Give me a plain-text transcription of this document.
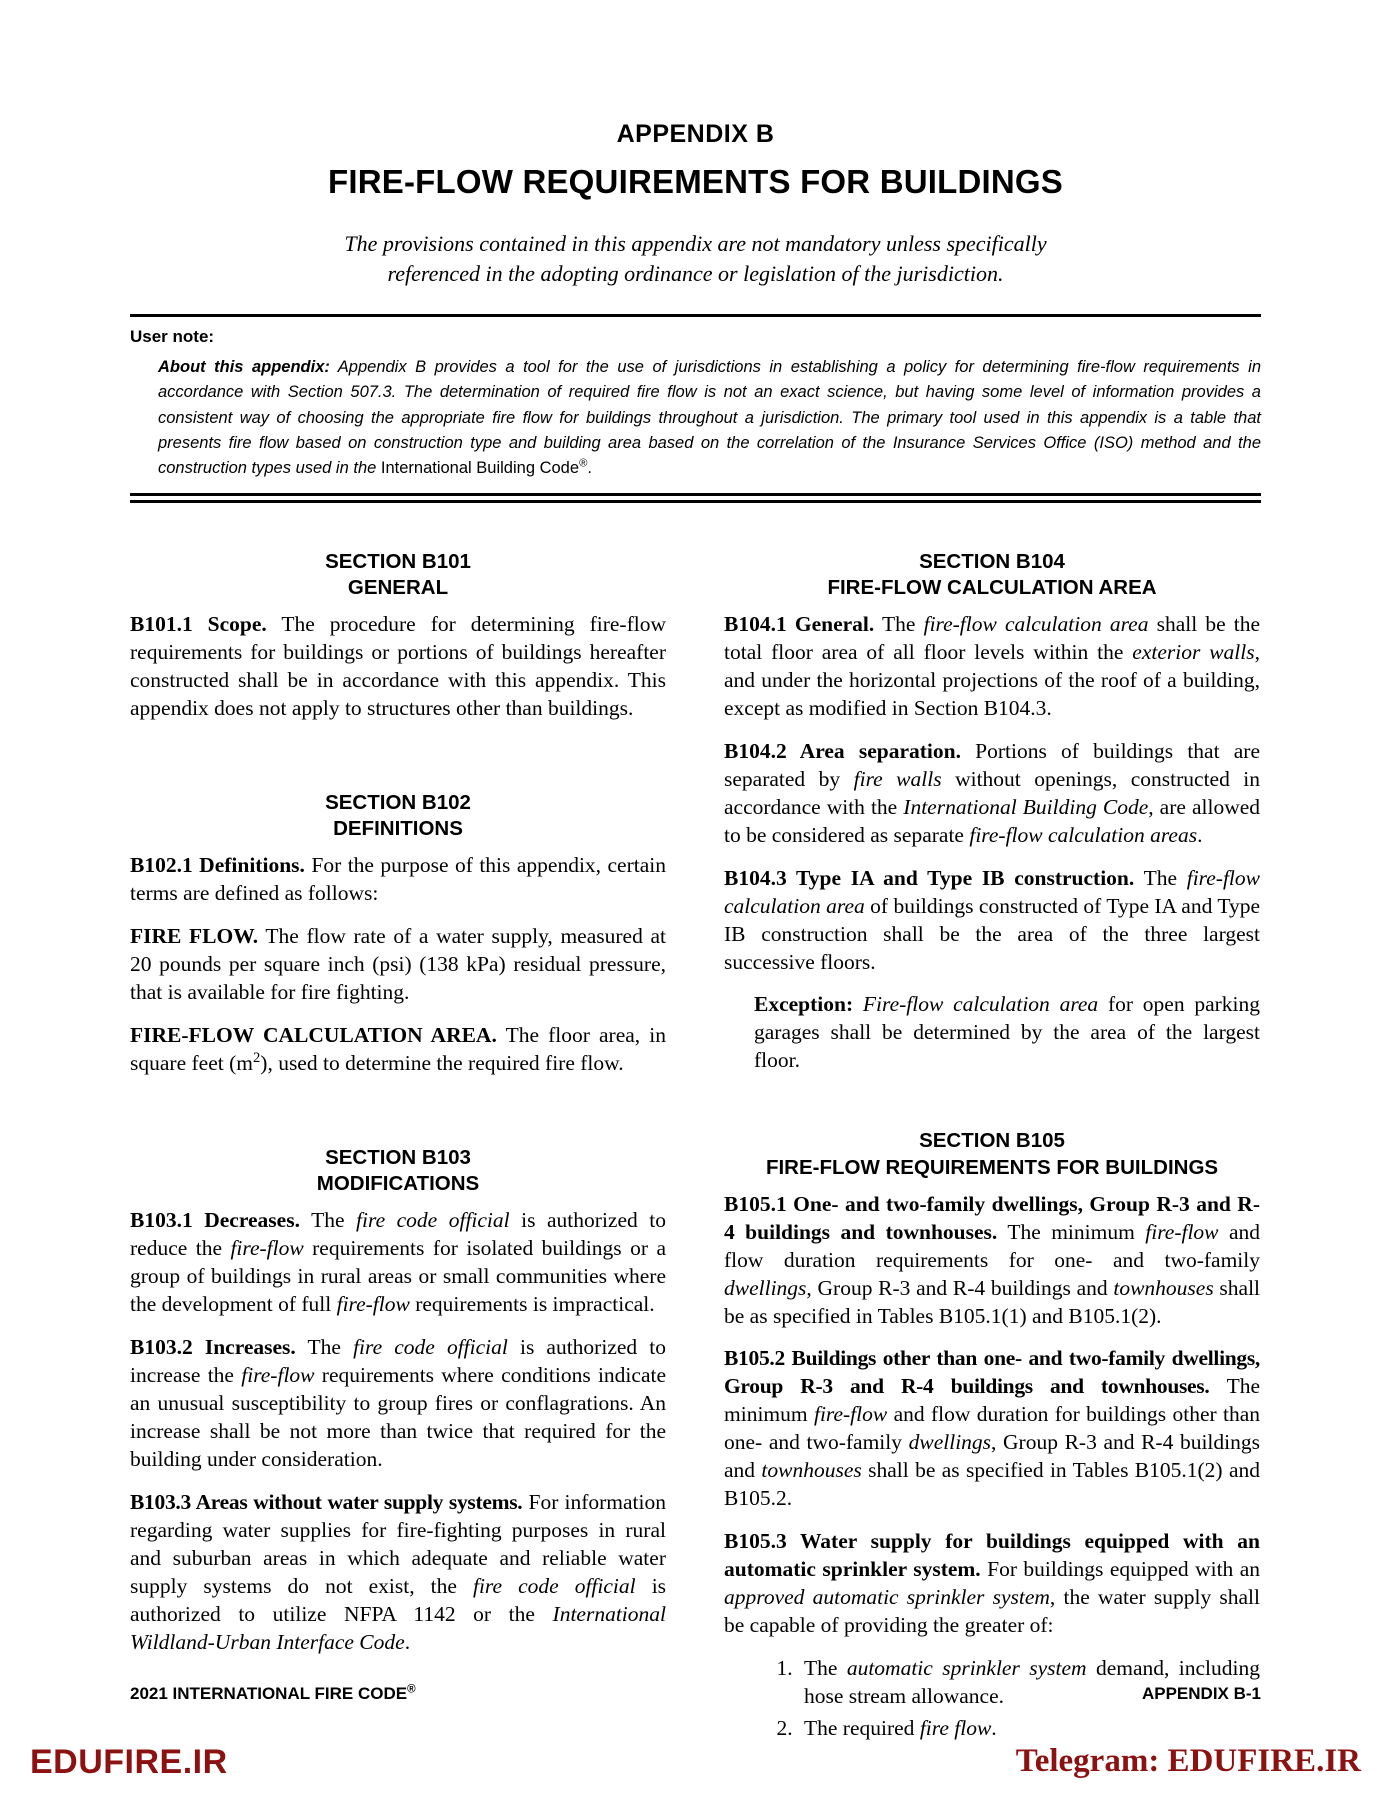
APPENDIX B
FIRE-FLOW REQUIREMENTS FOR BUILDINGS
The provisions contained in this appendix are not mandatory unless specifically
referenced in the adopting ordinance or legislation of the jurisdiction.
User note:
About this appendix: Appendix B provides a tool for the use of jurisdictions in establishing a policy for determining fire-flow requirements in accordance with Section 507.3. The determination of required fire flow is not an exact science, but having some level of information provides a consistent way of choosing the appropriate fire flow for buildings throughout a jurisdiction. The primary tool used in this appendix is a table that presents fire flow based on construction type and building area based on the correlation of the Insurance Services Office (ISO) method and the construction types used in the International Building Code®.
SECTION B101
GENERAL

B101.1 Scope. The procedure for determining fire-flow requirements for buildings or portions of buildings hereafter constructed shall be in accordance with this appendix. This appendix does not apply to structures other than buildings.

SECTION B102
DEFINITIONS

B102.1 Definitions. For the purpose of this appendix, certain terms are defined as follows:

FIRE FLOW. The flow rate of a water supply, measured at 20 pounds per square inch (psi) (138 kPa) residual pressure, that is available for fire fighting.

FIRE-FLOW CALCULATION AREA. The floor area, in square feet $(m^2)$, used to determine the required fire flow.

SECTION B103
MODIFICATIONS

B103.1 Decreases. The fire code official is authorized to reduce the fire-flow requirements for isolated buildings or a group of buildings in rural areas or small communities where the development of full fire-flow requirements is impractical.

B103.2 Increases. The fire code official is authorized to increase the fire-flow requirements where conditions indicate an unusual susceptibility to group fires or conflagrations. An increase shall be not more than twice that required for the building under consideration.

B103.3 Areas without water supply systems. For information regarding water supplies for fire-fighting purposes in rural and suburban areas in which adequate and reliable water supply systems do not exist, the fire code official is authorized to utilize NFPA 1142 or the International Wildland-Urban Interface Code.

SECTION B104
FIRE-FLOW CALCULATION AREA

B104.1 General. The fire-flow calculation area shall be the total floor area of all floor levels within the exterior walls, and under the horizontal projections of the roof of a building, except as modified in Section B104.3.

B104.2 Area separation. Portions of buildings that are separated by fire walls without openings, constructed in accordance with the International Building Code, are allowed to be considered as separate fire-flow calculation areas.

B104.3 Type IA and Type IB construction. The fire-flow calculation area of buildings constructed of Type IA and Type IB construction shall be the area of the three largest successive floors.

Exception: Fire-flow calculation area for open parking garages shall be determined by the area of the largest floor.

SECTION B105
FIRE-FLOW REQUIREMENTS FOR BUILDINGS

B105.1 One- and two-family dwellings, Group R-3 and R-4 buildings and townhouses. The minimum fire-flow and flow duration requirements for one- and two-family dwellings, Group R-3 and R-4 buildings and townhouses shall be as specified in Tables B105.1(1) and B105.1(2).

B105.2 Buildings other than one- and two-family dwellings, Group R-3 and R-4 buildings and townhouses. The minimum fire-flow and flow duration for buildings other than one- and two-family dwellings, Group R-3 and R-4 buildings and townhouses shall be as specified in Tables B105.1(2) and B105.2.

B105.3 Water supply for buildings equipped with an automatic sprinkler system. For buildings equipped with an approved automatic sprinkler system, the water supply shall be capable of providing the greater of:

1. The automatic sprinkler system demand, including hose stream allowance.
2. The required fire flow.
2021 INTERNATIONAL FIRE CODE®	APPENDIX B-1
EDUFIRE.IR	Telegram: EDUFIRE.IR
